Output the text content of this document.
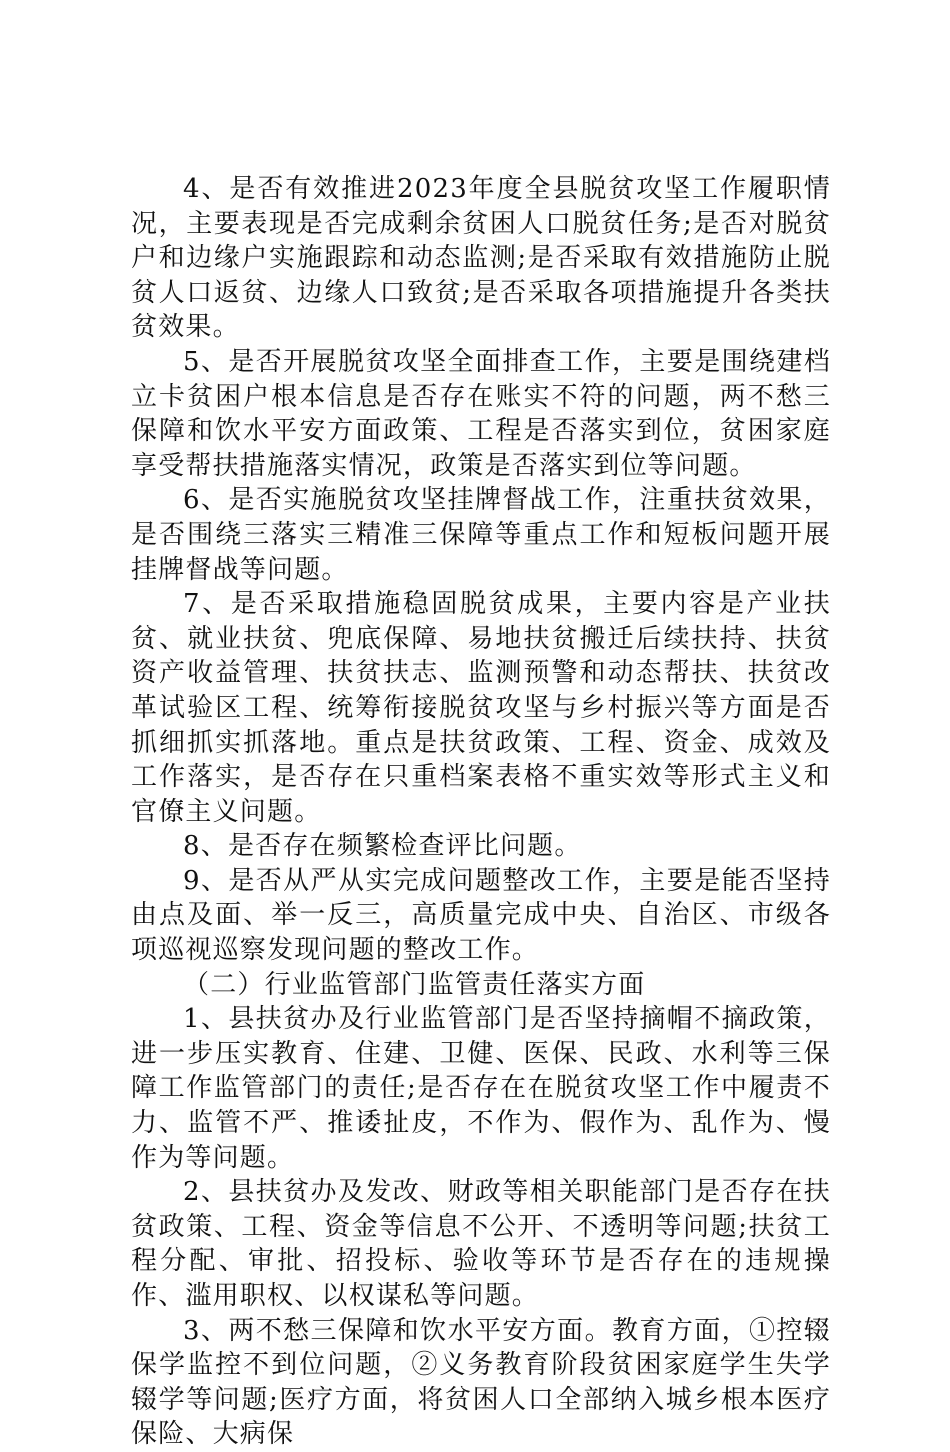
4、是否有效推进2023年度全县脱贫攻坚工作履职情况，主要表现是否完成剩余贫困人口脱贫任务;是否对脱贫户和边缘户实施跟踪和动态监测;是否采取有效措施防止脱贫人口返贫、边缘人口致贫;是否采取各项措施提升各类扶贫效果。

5、是否开展脱贫攻坚全面排查工作，主要是围绕建档立卡贫困户根本信息是否存在账实不符的问题，两不愁三保障和饮水平安方面政策、工程是否落实到位，贫困家庭享受帮扶措施落实情况，政策是否落实到位等问题。

6、是否实施脱贫攻坚挂牌督战工作，注重扶贫效果，是否围绕三落实三精准三保障等重点工作和短板问题开展挂牌督战等问题。

7、是否采取措施稳固脱贫成果，主要内容是产业扶贫、就业扶贫、兜底保障、易地扶贫搬迁后续扶持、扶贫资产收益管理、扶贫扶志、监测预警和动态帮扶、扶贫改革试验区工程、统筹衔接脱贫攻坚与乡村振兴等方面是否抓细抓实抓落地。重点是扶贫政策、工程、资金、成效及工作落实，是否存在只重档案表格不重实效等形式主义和官僚主义问题。

8、是否存在频繁检查评比问题。

9、是否从严从实完成问题整改工作，主要是能否坚持由点及面、举一反三，高质量完成中央、自治区、市级各项巡视巡察发现问题的整改工作。

（二）行业监管部门监管责任落实方面

1、县扶贫办及行业监管部门是否坚持摘帽不摘政策，进一步压实教育、住建、卫健、医保、民政、水利等三保障工作监管部门的责任;是否存在在脱贫攻坚工作中履责不力、监管不严、推诿扯皮，不作为、假作为、乱作为、慢作为等问题。

2、县扶贫办及发改、财政等相关职能部门是否存在扶贫政策、工程、资金等信息不公开、不透明等问题;扶贫工程分配、审批、招投标、验收等环节是否存在的违规操作、滥用职权、以权谋私等问题。

3、两不愁三保障和饮水平安方面。教育方面，①控辍保学监控不到位问题，②义务教育阶段贫困家庭学生失学辍学等问题;医疗方面，将贫困人口全部纳入城乡根本医疗保险、大病保
